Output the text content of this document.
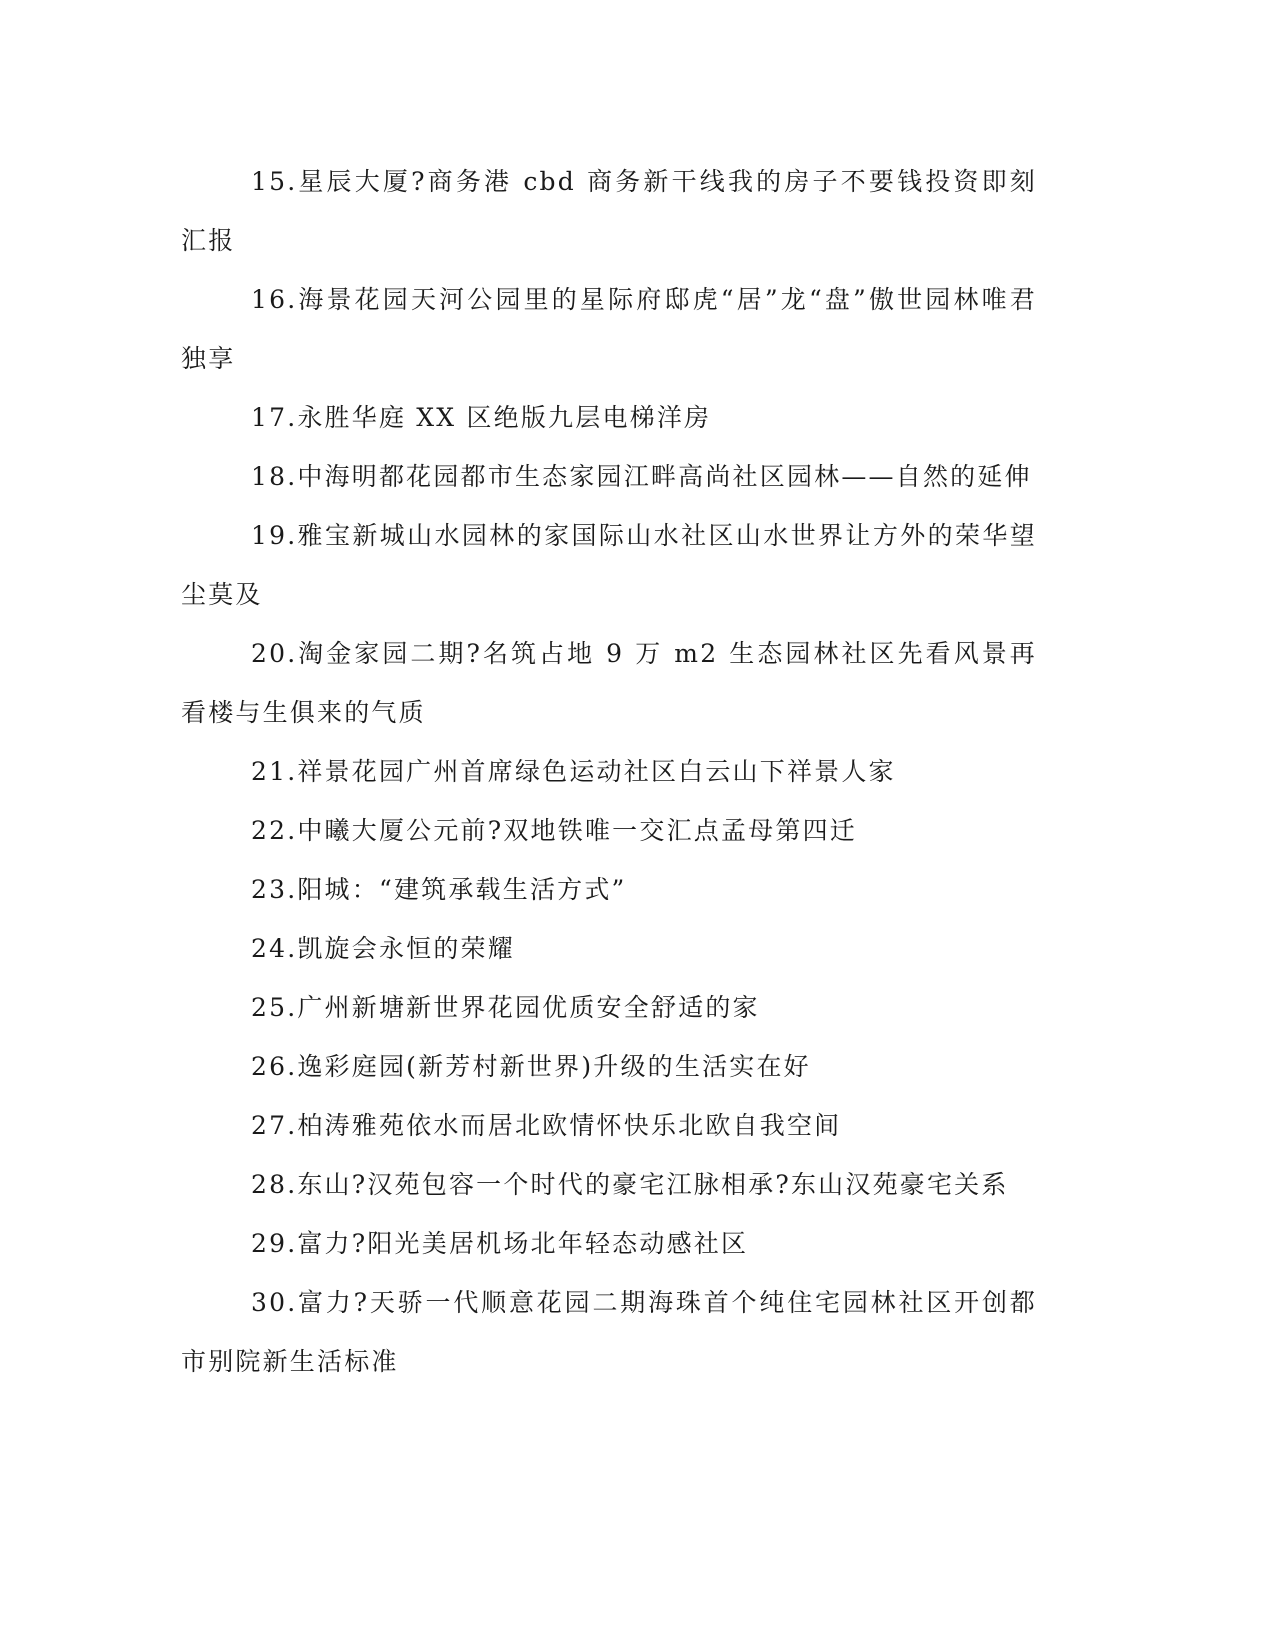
15.星辰大厦?商务港 cbd 商务新干线我的房子不要钱投资即刻汇报

16.海景花园天河公园里的星际府邸虎“居”龙“盘”傲世园林唯君独享

17.永胜华庭 XX 区绝版九层电梯洋房

18.中海明都花园都市生态家园江畔高尚社区园林——自然的延伸

19.雅宝新城山水园林的家国际山水社区山水世界让方外的荣华望尘莫及

20.淘金家园二期?名筑占地 9 万 m2 生态园林社区先看风景再看楼与生俱来的气质

21.祥景花园广州首席绿色运动社区白云山下祥景人家

22.中曦大厦公元前?双地铁唯一交汇点孟母第四迁

23.阳城：“建筑承载生活方式”

24.凯旋会永恒的荣耀

25.广州新塘新世界花园优质安全舒适的家

26.逸彩庭园(新芳村新世界)升级的生活实在好

27.柏涛雅苑依水而居北欧情怀快乐北欧自我空间

28.东山?汉苑包容一个时代的豪宅江脉相承?东山汉苑豪宅关系

29.富力?阳光美居机场北年轻态动感社区

30.富力?天骄一代顺意花园二期海珠首个纯住宅园林社区开创都市别院新生活标准
